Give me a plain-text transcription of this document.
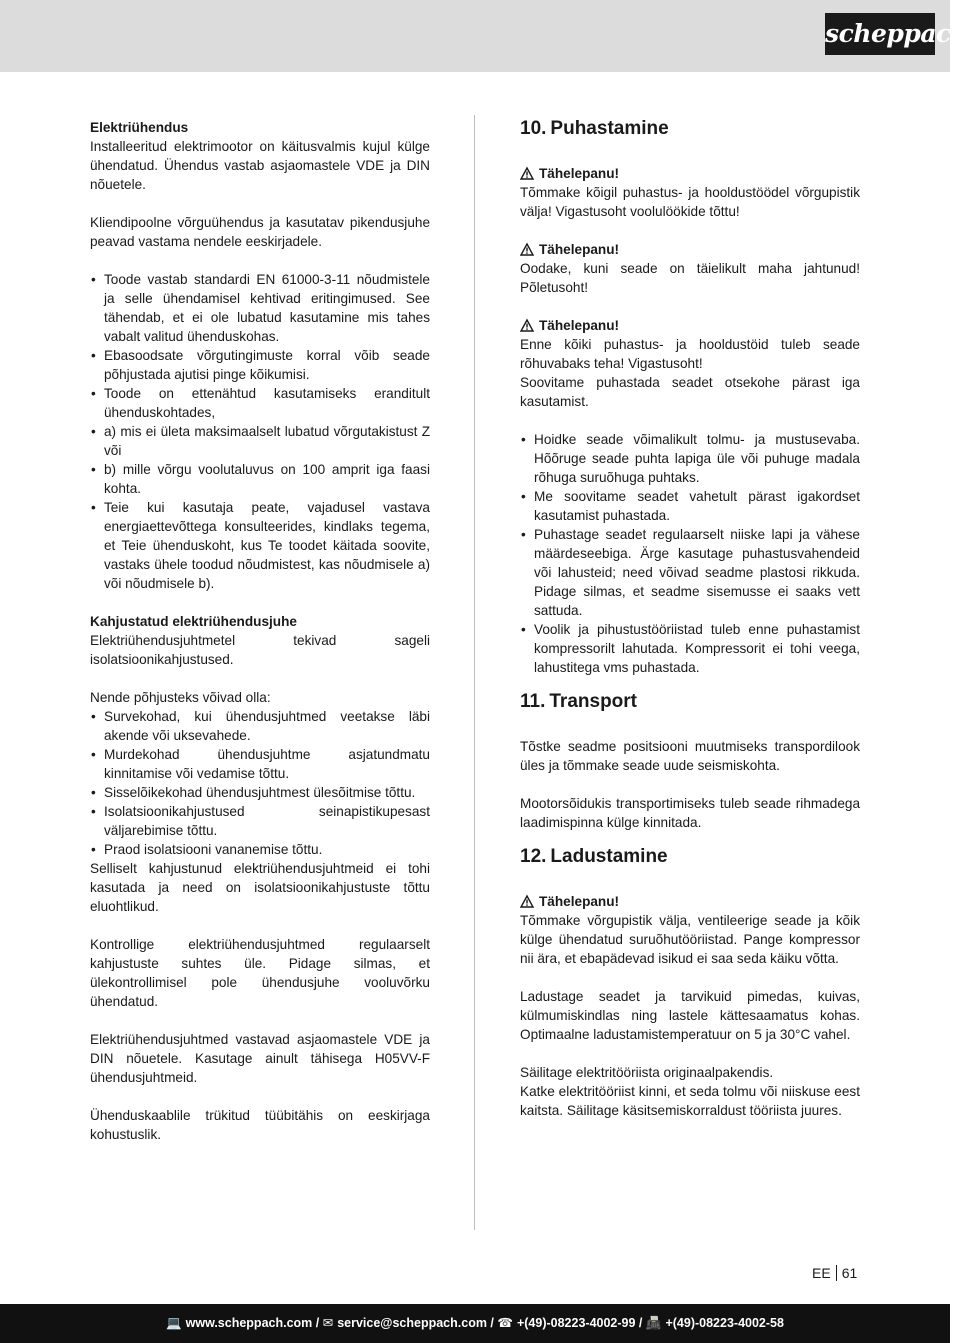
scheppach

Elektriühendus

Installeeritud elektrimootor on käitusvalmis kujul külge ühendatud. Ühendus vastab asjaomastele VDE ja DIN nõuetele.

Kliendipoolne võrguühendus ja kasutatav pikendusjuhe peavad vastama nendele eeskirjadele.

• Toode vastab standardi EN 61000-3-11 nõudmistele ja selle ühendamisel kehtivad eritingimused. See tähendab, et ei ole lubatud kasutamine mis tahes vabalt valitud ühenduskohas.
• Ebasoodsate võrgutingimuste korral võib seade põhjustada ajutisi pinge kõikumisi.
• Toode on ettenähtud kasutamiseks eranditult ühenduskohtades,
• a) mis ei ületa maksimaalselt lubatud võrgutakistust Z või
• b) mille võrgu voolutaluvus on 100 amprit iga faasi kohta.
• Teie kui kasutaja peate, vajadusel vastava energiaettevõttega konsulteerides, kindlaks tegema, et Teie ühenduskoht, kus Te toodet käitada soovite, vastaks ühele toodud nõudmistest, kas nõudmisele a) või nõudmisele b).

Kahjustatud elektriühendusjuhe

Elektriühendusjuhtmetel tekivad sageli isolatsioonikahjustused.

Nende põhjusteks võivad olla:

• Survekohad, kui ühendusjuhtmed veetakse läbi akende või uksevahede.
• Murdekohad ühendusjuhtme asjatundmatu kinnitamise või vedamise tõttu.
• Sisselõikekohad ühendusjuhtmest ülesõitmise tõttu.
• Isolatsioonikahjustused seinapistikupesast väljarebimise tõttu.
• Praod isolatsiooni vananemise tõttu.

Selliselt kahjustunud elektriühendusjuhtmeid ei tohi kasutada ja need on isolatsioonikahjustuste tõttu eluohtlikud.

Kontrollige elektriühendusjuhtmed regulaarselt kahjustuste suhtes üle. Pidage silmas, et ülekontrollimisel pole ühendusjuhe vooluvõrku ühendatud.

Elektriühendusjuhtmed vastavad asjaomastele VDE ja DIN nõuetele. Kasutage ainult tähisega H05VV-F ühendusjuhtmeid.

Ühenduskaablile trükitud tüübitähis on eeskirjaga kohustuslik.

10. Puhastamine

Tähelepanu!

Tõmmake kõigil puhastus- ja hooldustöödel võrgupistik välja! Vigastusoht voolulöökide tõttu!

Tähelepanu!

Oodake, kuni seade on täielikult maha jahtunud! Põletusoht!

Tähelepanu!

Enne kõiki puhastus- ja hooldustöid tuleb seade rõhuvabaks teha! Vigastusoht!

Soovitame puhastada seadet otsekohe pärast iga kasutamist.

• Hoidke seade võimalikult tolmu- ja mustusevaba. Hõõruge seade puhta lapiga üle või puhuge madala rõhuga suruõhuga puhtaks.
• Me soovitame seadet vahetult pärast igakordset kasutamist puhastada.
• Puhastage seadet regulaarselt niiske lapi ja vähese määrdeseebiga. Ärge kasutage puhastusvahendeid või lahusteid; need võivad seadme plastosi rikkuda. Pidage silmas, et seadme sisemusse ei saaks vett sattuda.
• Voolik ja pihustustööriistad tuleb enne puhastamist kompressorilt lahutada. Kompressorit ei tohi veega, lahustitega vms puhastada.
11. Transport

Tõstke seadme positsiooni muutmiseks transpordilook üles ja tõmmake seade uude seismiskohta.

Mootorsõidukis transportimiseks tuleb seade rihmadega laadimispinna külge kinnitada.

12. Ladustamine

Tähelepanu!

Tõmmake võrgupistik välja, ventileerige seade ja kõik külge ühendatud suruõhutööriistad. Pange kompressor nii ära, et ebapädevad isikud ei saa seda käiku võtta.

Ladustage seadet ja tarvikuid pimedas, kuivas, külmumiskindlas ning lastele kättesaamatus kohas. Optimaalne ladustamistemperatuur on 5 ja 30°C vahel.

Säilitage elektritööriista originaalpakendis.

Katke elektritööriist kinni, et seda tolmu või niiskuse eest kaitsta. Säilitage käsitsemiskorraldust tööriista juures.

EE 61
💻 www.scheppach.com / ✉ service@scheppach.com / ☎ +(49)-08223-4002-99 / 📠 +(49)-08223-4002-58
